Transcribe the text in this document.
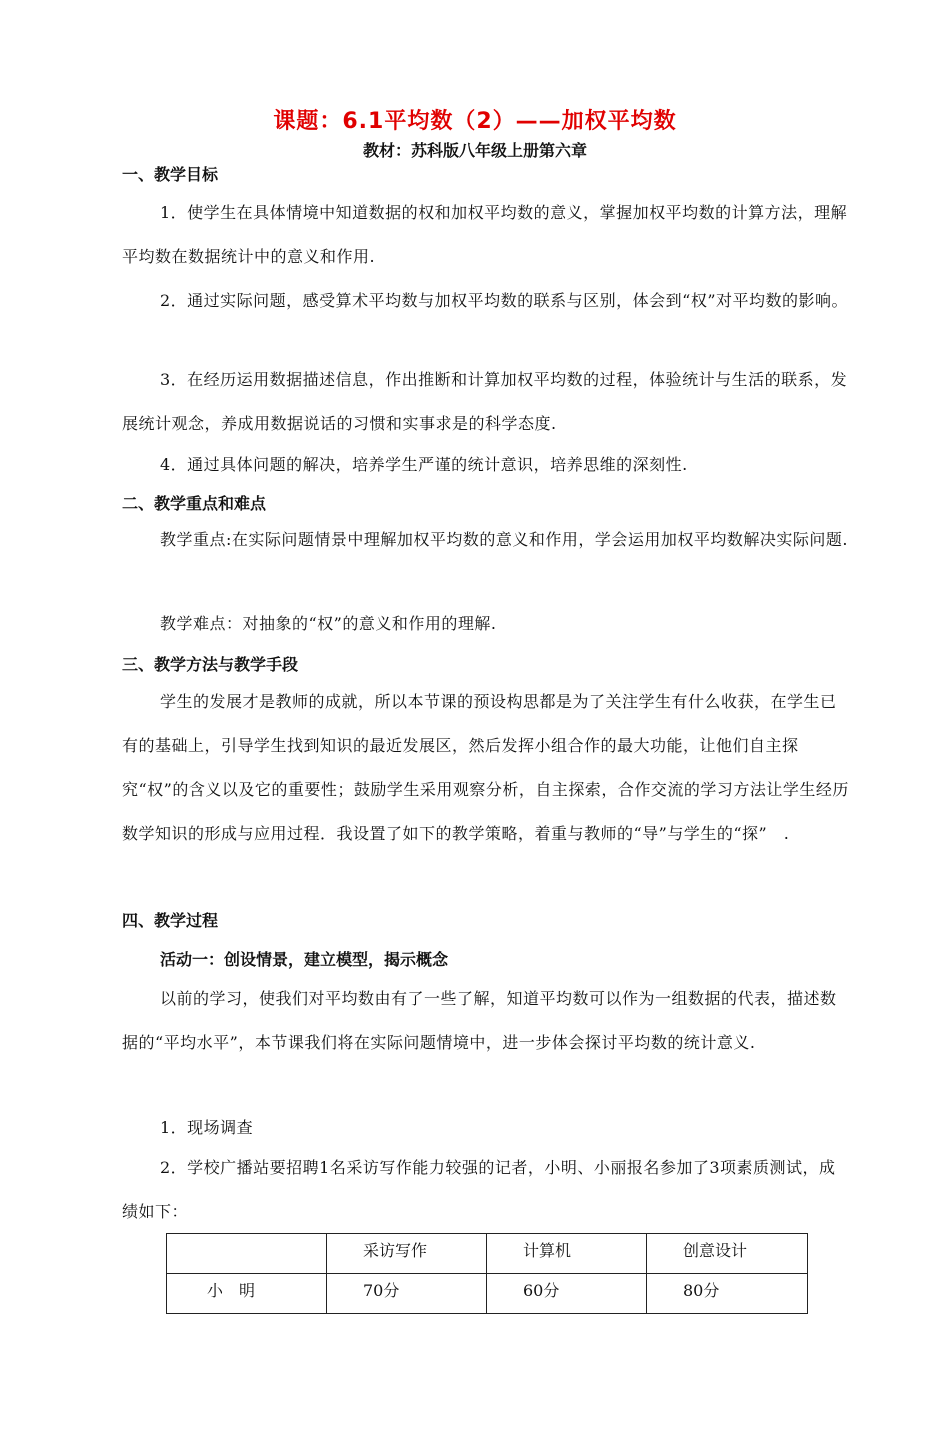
课题：6.1平均数（2）——加权平均数
教材：苏科版八年级上册第六章
一、教学目标
1．使学生在具体情境中知道数据的权和加权平均数的意义，掌握加权平均数的计算方法，理解平均数在数据统计中的意义和作用.
2．通过实际问题，感受算术平均数与加权平均数的联系与区别，体会到“权”对平均数的影响。
3．在经历运用数据描述信息，作出推断和计算加权平均数的过程，体验统计与生活的联系，发展统计观念，养成用数据说话的习惯和实事求是的科学态度.
4．通过具体问题的解决，培养学生严谨的统计意识，培养思维的深刻性.
二、教学重点和难点
教学重点:在实际问题情景中理解加权平均数的意义和作用，学会运用加权平均数解决实际问题.
教学难点：对抽象的“权”的意义和作用的理解.
三、教学方法与教学手段
学生的发展才是教师的成就，所以本节课的预设构思都是为了关注学生有什么收获，在学生已有的基础上，引导学生找到知识的最近发展区，然后发挥小组合作的最大功能，让他们自主探究“权”的含义以及它的重要性；鼓励学生采用观察分析，自主探索，合作交流的学习方法让学生经历数学知识的形成与应用过程．我设置了如下的教学策略，着重与教师的“导”与学生的“探”　.
四、教学过程
活动一：创设情景，建立模型，揭示概念
以前的学习，使我们对平均数由有了一些了解，知道平均数可以作为一组数据的代表，描述数据的“平均水平”，本节课我们将在实际问题情境中，进一步体会探讨平均数的统计意义.
1．现场调查
2．学校广播站要招聘1名采访写作能力较强的记者，小明、小丽报名参加了3项素质测试，成绩如下：
	采访写作	计算机	创意设计
小　明	70分	60分	80分
